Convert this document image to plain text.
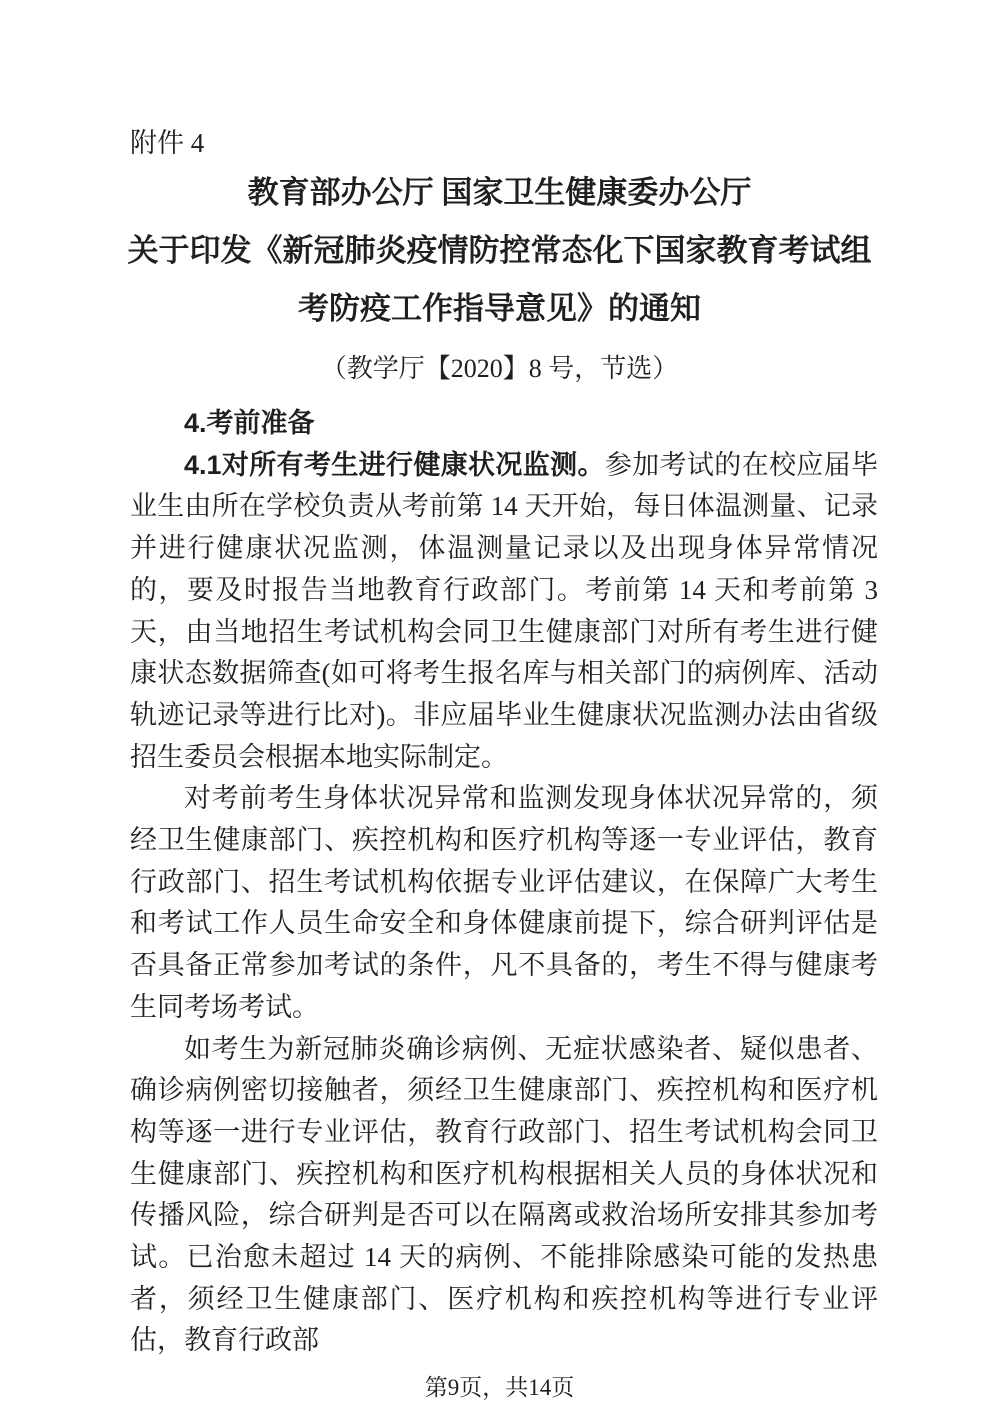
附件 4
教育部办公厅 国家卫生健康委办公厅
关于印发《新冠肺炎疫情防控常态化下国家教育考试组
考防疫工作指导意见》的通知
（教学厅【2020】8 号，节选）
4.考前准备

4.1对所有考生进行健康状况监测。参加考试的在校应届毕业生由所在学校负责从考前第 14 天开始，每日体温测量、记录并进行健康状况监测，体温测量记录以及出现身体异常情况的，要及时报告当地教育行政部门。考前第 14 天和考前第 3 天，由当地招生考试机构会同卫生健康部门对所有考生进行健康状态数据筛查(如可将考生报名库与相关部门的病例库、活动轨迹记录等进行比对)。非应届毕业生健康状况监测办法由省级招生委员会根据本地实际制定。

对考前考生身体状况异常和监测发现身体状况异常的，须经卫生健康部门、疾控机构和医疗机构等逐一专业评估，教育行政部门、招生考试机构依据专业评估建议，在保障广大考生和考试工作人员生命安全和身体健康前提下，综合研判评估是否具备正常参加考试的条件，凡不具备的，考生不得与健康考生同考场考试。

如考生为新冠肺炎确诊病例、无症状感染者、疑似患者、确诊病例密切接触者，须经卫生健康部门、疾控机构和医疗机构等逐一进行专业评估，教育行政部门、招生考试机构会同卫生健康部门、疾控机构和医疗机构根据相关人员的身体状况和传播风险，综合研判是否可以在隔离或救治场所安排其参加考试。已治愈未超过 14 天的病例、不能排除感染可能的发热患者，须经卫生健康部门、医疗机构和疾控机构等进行专业评估，教育行政部

第9页，共14页
